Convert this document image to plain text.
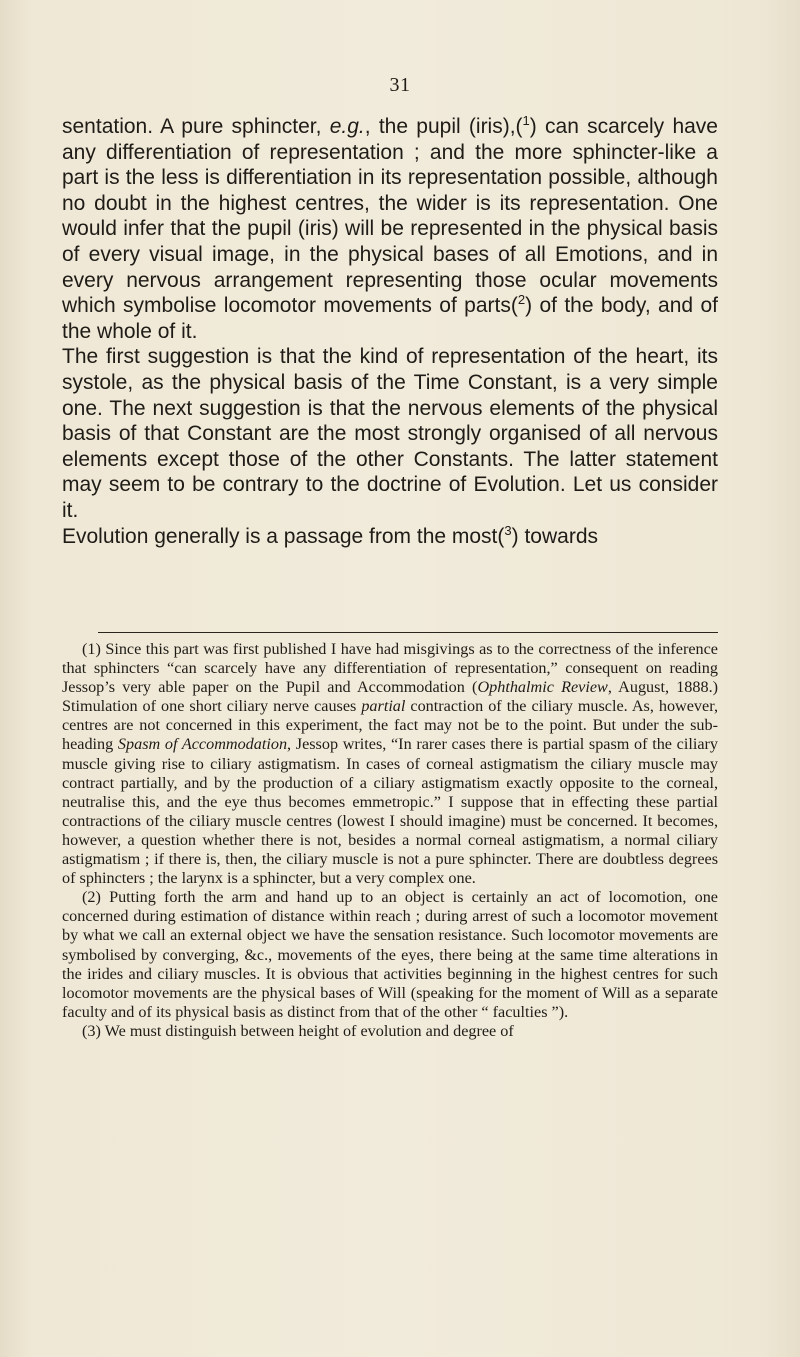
31

sentation. A pure sphincter, e.g., the pupil (iris),($^1$) can scarcely have any differentiation of representation ; and the more sphincter-like a part is the less is differentiation in its representation possible, although no doubt in the highest centres, the wider is its representation. One would infer that the pupil (iris) will be represented in the physical basis of every visual image, in the physical bases of all Emotions, and in every nervous arrangement representing those ocular movements which symbolise locomotor movements of parts($^2$) of the body, and of the whole of it.

The first suggestion is that the kind of representation of the heart, its systole, as the physical basis of the Time Constant, is a very simple one. The next suggestion is that the nervous elements of the physical basis of that Constant are the most strongly organised of all nervous elements except those of the other Constants. The latter statement may seem to be contrary to the doctrine of Evolution. Let us consider it.

Evolution generally is a passage from the most($^3$) towards

(1) Since this part was first published I have had misgivings as to the correctness of the inference that sphincters “can scarcely have any differentiation of representation,” consequent on reading Jessop’s very able paper on the Pupil and Accommodation (Ophthalmic Review, August, 1888.) Stimulation of one short ciliary nerve causes partial contraction of the ciliary muscle. As, however, centres are not concerned in this experiment, the fact may not be to the point. But under the sub-heading Spasm of Accommodation, Jessop writes, “In rarer cases there is partial spasm of the ciliary muscle giving rise to ciliary astigmatism. In cases of corneal astigmatism the ciliary muscle may contract partially, and by the production of a ciliary astigmatism exactly opposite to the corneal, neutralise this, and the eye thus becomes emmetropic.” I suppose that in effecting these partial contractions of the ciliary muscle centres (lowest I should imagine) must be concerned. It becomes, however, a question whether there is not, besides a normal corneal astigmatism, a normal ciliary astigmatism ; if there is, then, the ciliary muscle is not a pure sphincter. There are doubtless degrees of sphincters ; the larynx is a sphincter, but a very complex one.

(2) Putting forth the arm and hand up to an object is certainly an act of locomotion, one concerned during estimation of distance within reach ; during arrest of such a locomotor movement by what we call an external object we have the sensation resistance. Such locomotor movements are symbolised by converging, &c., movements of the eyes, there being at the same time alterations in the irides and ciliary muscles. It is obvious that activities beginning in the highest centres for such locomotor movements are the physical bases of Will (speaking for the moment of Will as a separate faculty and of its physical basis as distinct from that of the other “ faculties ”).

(3) We must distinguish between height of evolution and degree of
